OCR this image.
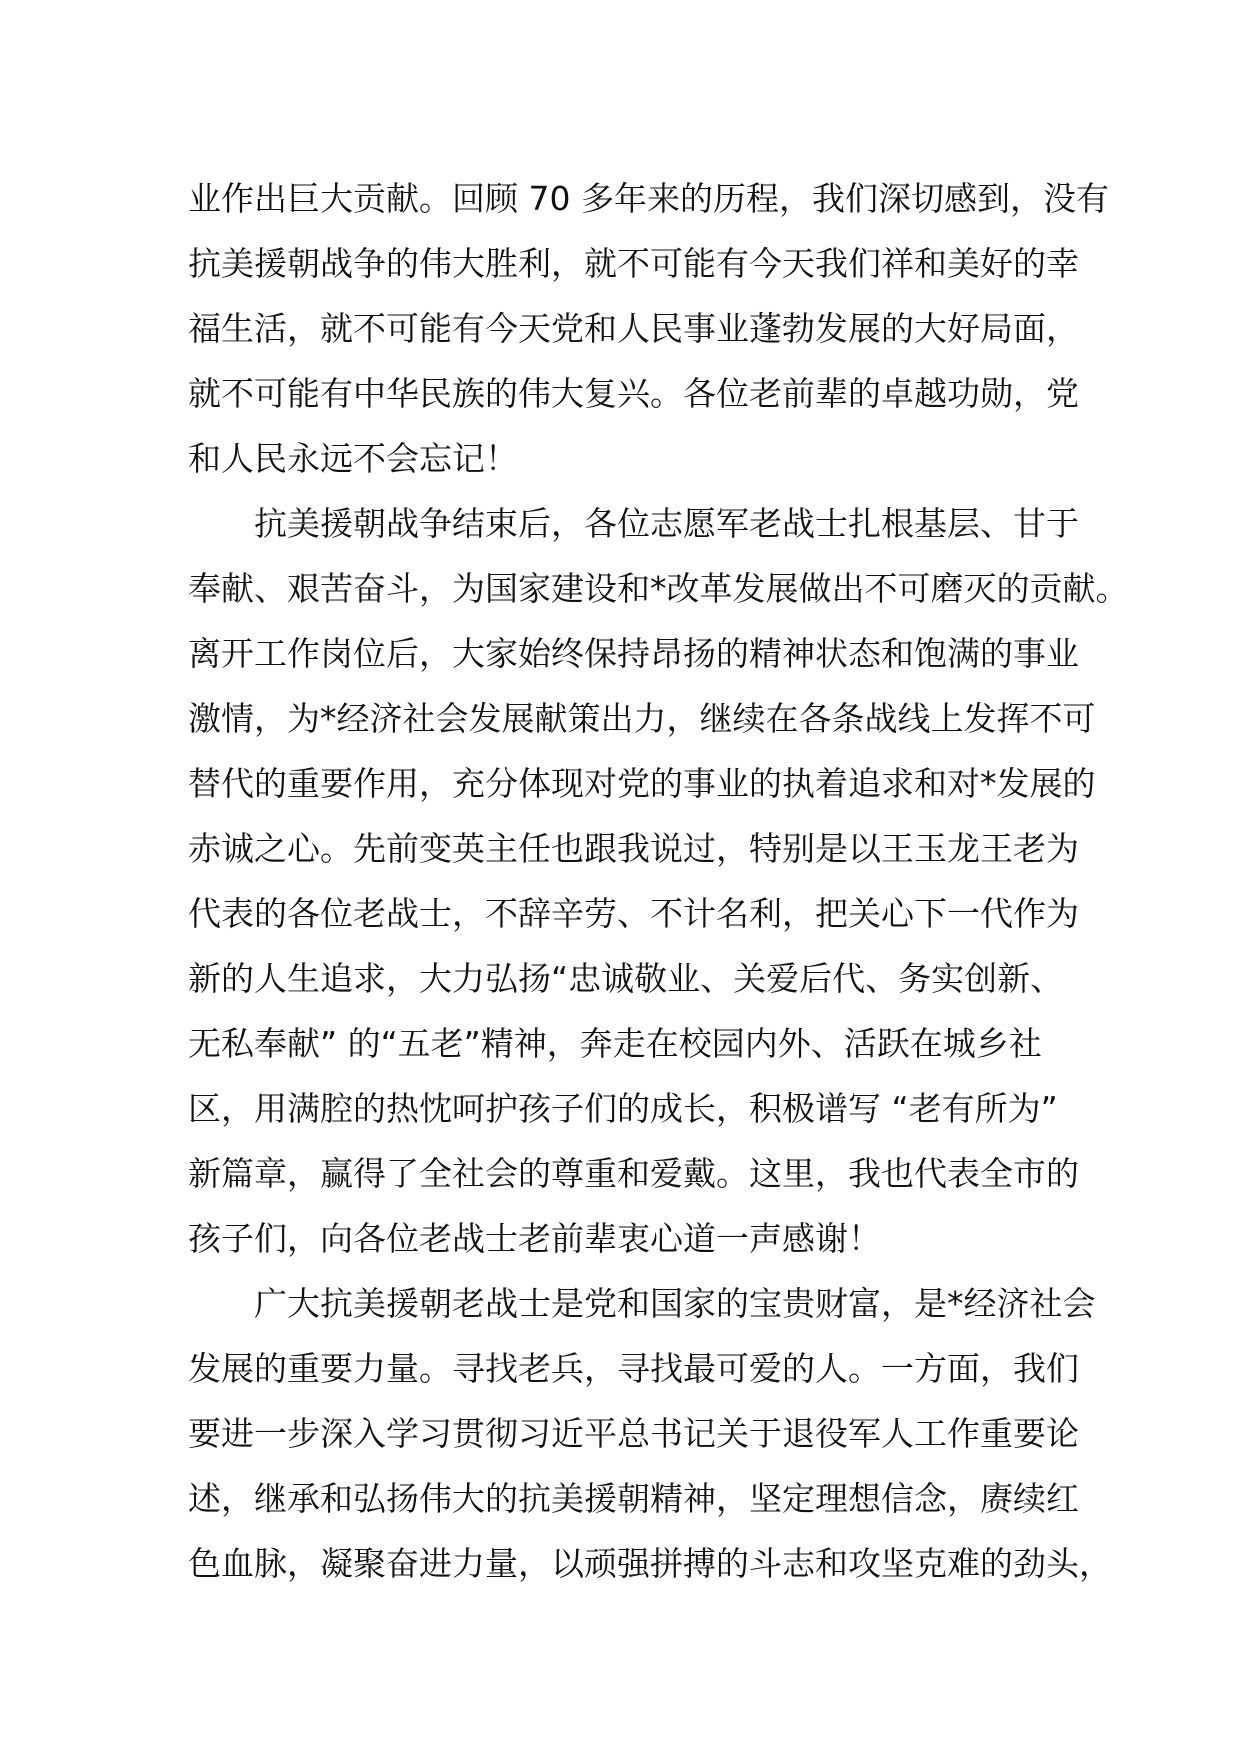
业作出巨大贡献。回顾 70 多年来的历程，我们深切感到，没有

抗美援朝战争的伟大胜利，就不可能有今天我们祥和美好的幸

福生活，就不可能有今天党和人民事业蓬勃发展的大好局面，

就不可能有中华民族的伟大复兴。各位老前辈的卓越功勋，党

和人民永远不会忘记！

抗美援朝战争结束后，各位志愿军老战士扎根基层、甘于

奉献、艰苦奋斗，为国家建设和*改革发展做出不可磨灭的贡献。

离开工作岗位后，大家始终保持昂扬的精神状态和饱满的事业

激情，为*经济社会发展献策出力，继续在各条战线上发挥不可

替代的重要作用，充分体现对党的事业的执着追求和对*发展的

赤诚之心。先前变英主任也跟我说过，特别是以王玉龙王老为

代表的各位老战士，不辞辛劳、不计名利，把关心下一代作为

新的人生追求，大力弘扬“忠诚敬业、关爱后代、务实创新、

无私奉献” 的“五老”精神，奔走在校园内外、活跃在城乡社

区，用满腔的热忱呵护孩子们的成长，积极谱写 “老有所为”

新篇章，赢得了全社会的尊重和爱戴。这里，我也代表全市的

孩子们，向各位老战士老前辈衷心道一声感谢！

广大抗美援朝老战士是党和国家的宝贵财富，是*经济社会

发展的重要力量。寻找老兵，寻找最可爱的人。一方面，我们

要进一步深入学习贯彻习近平总书记关于退役军人工作重要论

述，继承和弘扬伟大的抗美援朝精神，坚定理想信念，赓续红

色血脉，凝聚奋进力量，以顽强拼搏的斗志和攻坚克难的劲头，
